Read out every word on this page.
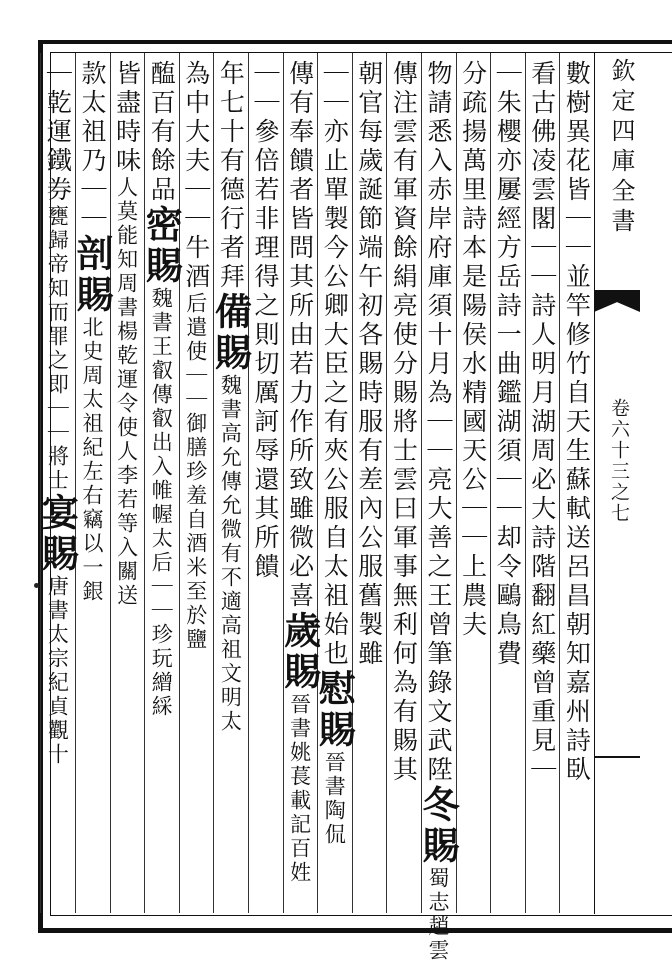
欽定四庫全書
卷六十三之七
數樹異花皆｜｜並竿修竹自天生蘇軾送呂昌朝知嘉州詩臥
看古佛凌雲閣｜｜詩人明月湖周必大詩階翻紅藥曾重見｜
｜朱櫻亦屢經方岳詩一曲鑑湖須｜｜却令鷗鳥費
分疏揚萬里詩本是陽侯水精國天公｜｜上農夫
物請悉入赤岸府庫須十月為｜｜亮大善之王曾筆錄文武陞
冬賜
蜀志趙雲
傳注雲有軍資餘絹亮使分賜將士雲曰軍事無利何為有賜其
朝官每歲誕節端午初各賜時服有差內公服舊製雖
｜｜亦止單製今公卿大臣之有夾公服自太祖始也
慰賜
晉書陶侃
傳有奉饋者皆問其所由若力作所致雖微必喜
歲賜
晉書姚萇載記百姓
｜｜參倍若非理得之則切厲訶辱還其所饋
年七十有德行者拜
備賜
魏書高允傳允微有不適高祖文明太
為中大夫｜｜牛酒
后遣使｜｜御膳珍羞自酒米至於鹽
醢百有餘品
密賜
魏書王叡傳叡出入帷幄太后｜｜珍玩繒綵
皆盡時味
人莫能知周書楊乾運令使人李若等入關送
款太祖乃｜｜
剖賜
北史周太祖紀左右竊以一銀
｜乾運鐵券
甕歸帝知而罪之即｜｜將士
宴賜
唐書太宗紀貞觀十
